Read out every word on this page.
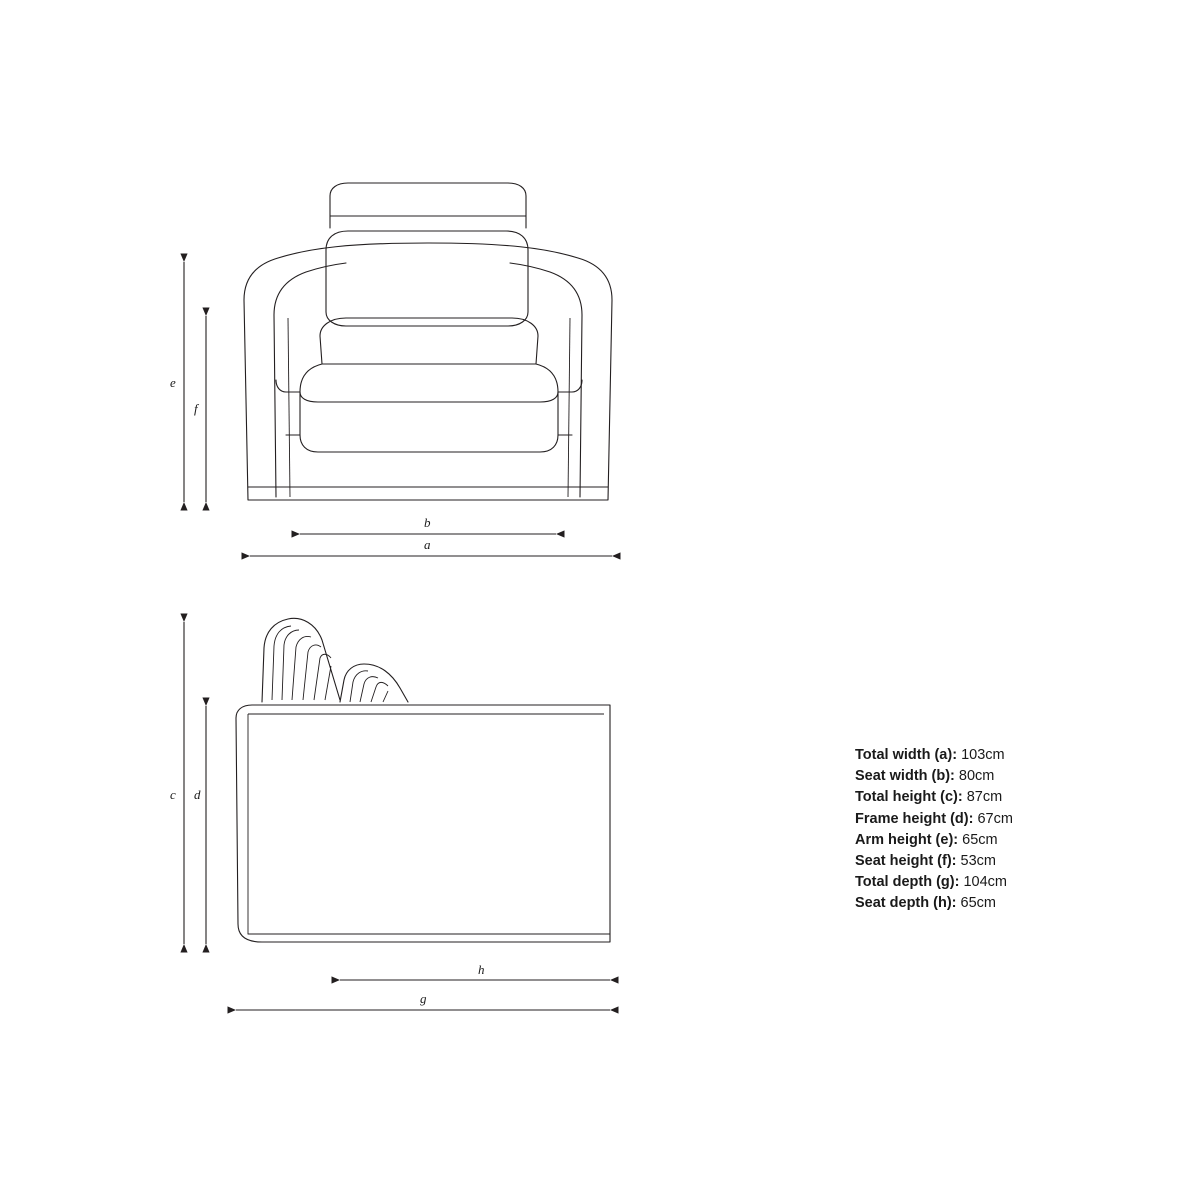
e
f
b
a
c d
h
g
Total width (a): 103cm
Seat width (b): 80cm
Total height (c): 87cm
Frame height (d): 67cm
Arm height (e): 65cm
Seat height (f): 53cm
Total depth (g): 104cm
Seat depth (h): 65cm
